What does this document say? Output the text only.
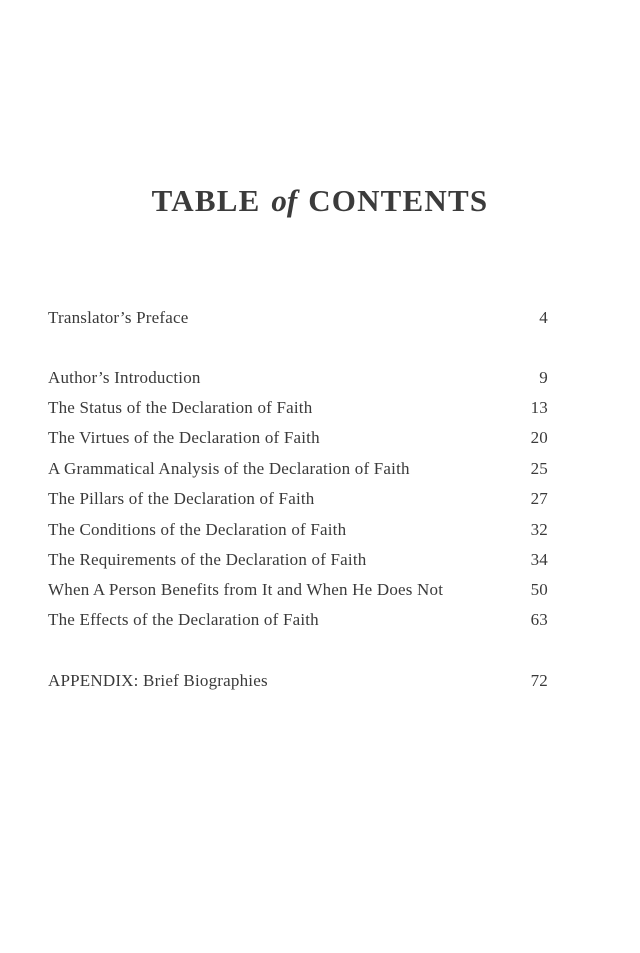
TABLE of CONTENTS
Translator’s Preface	4
Author’s Introduction	9
The Status of the Declaration of Faith	13
The Virtues of the Declaration of Faith	20
A Grammatical Analysis of the Declaration of Faith	25
The Pillars of the Declaration of Faith	27
The Conditions of the Declaration of Faith	32
The Requirements of the Declaration of Faith	34
When A Person Benefits from It and When He Does Not	50
The Effects of the Declaration of Faith	63
APPENDIX: Brief Biographies	72
